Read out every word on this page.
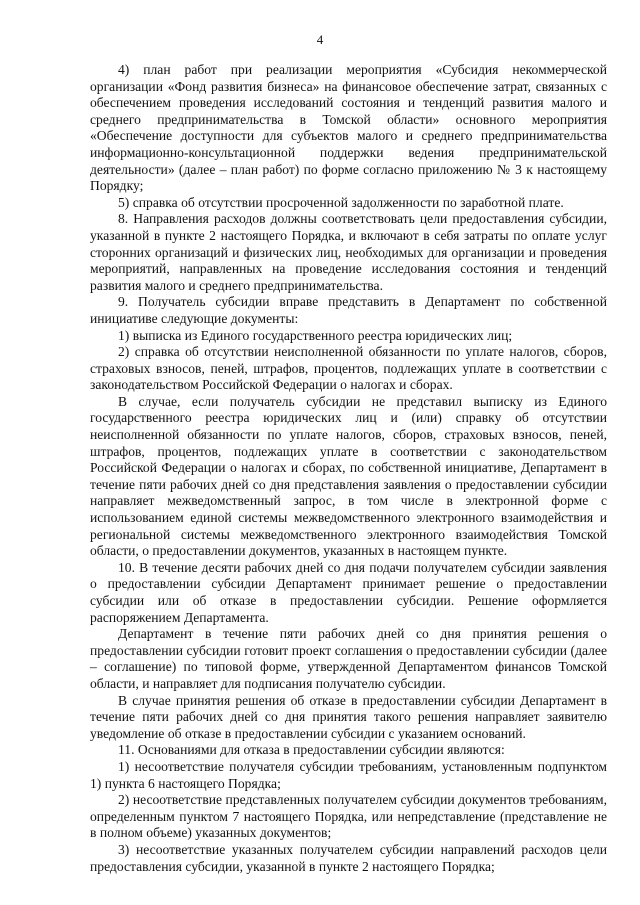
4

4) план работ при реализации мероприятия «Субсидия некоммерческой организации «Фонд развития бизнеса» на финансовое обеспечение затрат, связанных с обеспечением проведения исследований состояния и тенденций развития малого и среднего предпринимательства в Томской области» основного мероприятия «Обеспечение доступности для субъектов малого и среднего предпринимательства информационно-консультационной поддержки ведения предпринимательской деятельности» (далее – план работ) по форме согласно приложению № 3 к настоящему Порядку;

5) справка об отсутствии просроченной задолженности по заработной плате.

8. Направления расходов должны соответствовать цели предоставления субсидии, указанной в пункте 2 настоящего Порядка, и включают в себя затраты по оплате услуг сторонних организаций и физических лиц, необходимых для организации и проведения мероприятий, направленных на проведение исследования состояния и тенденций развития малого и среднего предпринимательства.

9. Получатель субсидии вправе представить в Департамент по собственной инициативе следующие документы:

1) выписка из Единого государственного реестра юридических лиц;

2) справка об отсутствии неисполненной обязанности по уплате налогов, сборов, страховых взносов, пеней, штрафов, процентов, подлежащих уплате в соответствии с законодательством Российской Федерации о налогах и сборах.

В случае, если получатель субсидии не представил выписку из Единого государственного реестра юридических лиц и (или) справку об отсутствии неисполненной обязанности по уплате налогов, сборов, страховых взносов, пеней, штрафов, процентов, подлежащих уплате в соответствии с законодательством Российской Федерации о налогах и сборах, по собственной инициативе, Департамент в течение пяти рабочих дней со дня представления заявления о предоставлении субсидии направляет межведомственный запрос, в том числе в электронной форме с использованием единой системы межведомственного электронного взаимодействия и региональной системы межведомственного электронного взаимодействия Томской области, о предоставлении документов, указанных в настоящем пункте.

10. В течение десяти рабочих дней со дня подачи получателем субсидии заявления о предоставлении субсидии Департамент принимает решение о предоставлении субсидии или об отказе в предоставлении субсидии. Решение оформляется распоряжением Департамента.

Департамент в течение пяти рабочих дней со дня принятия решения о предоставлении субсидии готовит проект соглашения о предоставлении субсидии (далее – соглашение) по типовой форме, утвержденной Департаментом финансов Томской области, и направляет для подписания получателю субсидии.

В случае принятия решения об отказе в предоставлении субсидии Департамент в течение пяти рабочих дней со дня принятия такого решения направляет заявителю уведомление об отказе в предоставлении субсидии с указанием оснований.

11. Основаниями для отказа в предоставлении субсидии являются:

1) несоответствие получателя субсидии требованиям, установленным подпунктом 1) пункта 6 настоящего Порядка;

2) несоответствие представленных получателем субсидии документов требованиям, определенным пунктом 7 настоящего Порядка, или непредставление (представление не в полном объеме) указанных документов;

3) несоответствие указанных получателем субсидии направлений расходов цели предоставления субсидии, указанной в пункте 2 настоящего Порядка;
